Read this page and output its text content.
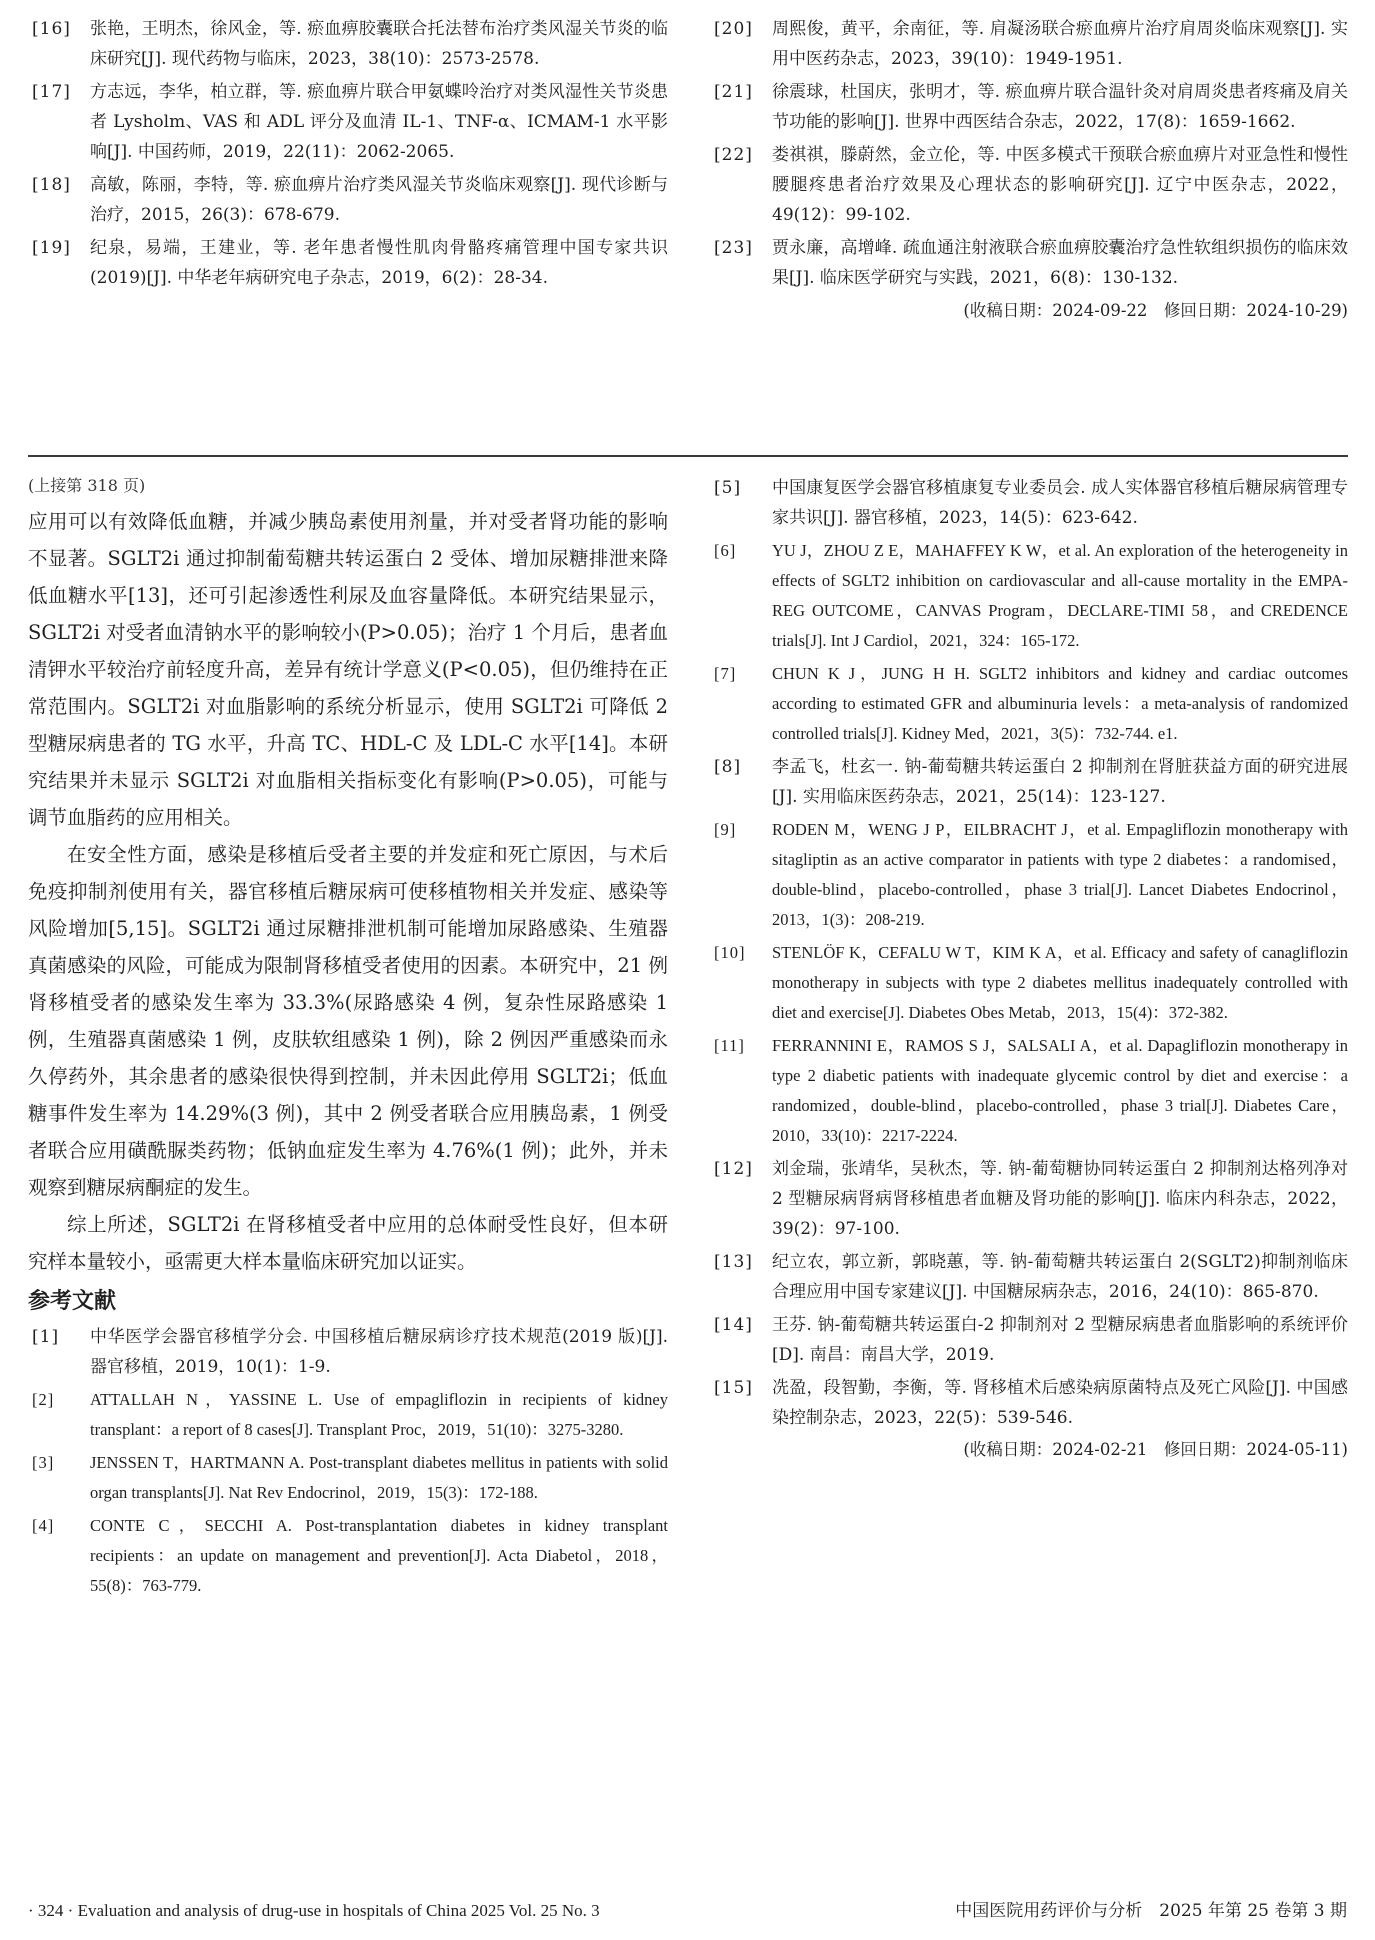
[16]	张艳，王明杰，徐风金，等. 瘀血痹胶囊联合托法替布治疗类风湿关节炎的临床研究[J]. 现代药物与临床，2023，38(10)：2573-2578.
[17]	方志远，李华，柏立群，等. 瘀血痹片联合甲氨蝶呤治疗对类风湿性关节炎患者 Lysholm、VAS 和 ADL 评分及血清 IL-1、TNF-α、ICMAM-1 水平影响[J]. 中国药师，2019，22(11)：2062-2065.
[18]	高敏，陈丽，李特，等. 瘀血痹片治疗类风湿关节炎临床观察[J]. 现代诊断与治疗，2015，26(3)：678-679.
[19]	纪泉，易端，王建业，等. 老年患者慢性肌肉骨骼疼痛管理中国专家共识(2019)[J]. 中华老年病研究电子杂志，2019，6(2)：28-34.
[20]	周熙俊，黄平，余南征，等. 肩凝汤联合瘀血痹片治疗肩周炎临床观察[J]. 实用中医药杂志，2023，39(10)：1949-1951.
[21]	徐震球，杜国庆，张明才，等. 瘀血痹片联合温针灸对肩周炎患者疼痛及肩关节功能的影响[J]. 世界中西医结合杂志，2022，17(8)：1659-1662.
[22]	娄祺祺，滕蔚然，金立伦，等. 中医多模式干预联合瘀血痹片对亚急性和慢性腰腿疼患者治疗效果及心理状态的影响研究[J]. 辽宁中医杂志，2022，49(12)：99-102.
[23]	贾永廉，高增峰. 疏血通注射液联合瘀血痹胶囊治疗急性软组织损伤的临床效果[J]. 临床医学研究与实践，2021，6(8)：130-132.
(收稿日期：2024-09-22　修回日期：2024-10-29)
(上接第 318 页)

应用可以有效降低血糖，并减少胰岛素使用剂量，并对受者肾功能的影响不显著。SGLT2i 通过抑制葡萄糖共转运蛋白 2 受体、增加尿糖排泄来降低血糖水平[13]，还可引起渗透性利尿及血容量降低。本研究结果显示，SGLT2i 对受者血清钠水平的影响较小(P>0.05)；治疗 1 个月后，患者血清钾水平较治疗前轻度升高，差异有统计学意义(P<0.05)，但仍维持在正常范围内。SGLT2i 对血脂影响的系统分析显示，使用 SGLT2i 可降低 2 型糖尿病患者的 TG 水平，升高 TC、HDL-C 及 LDL-C 水平[14]。本研究结果并未显示 SGLT2i 对血脂相关指标变化有影响(P>0.05)，可能与调节血脂药的应用相关。

在安全性方面，感染是移植后受者主要的并发症和死亡原因，与术后免疫抑制剂使用有关，器官移植后糖尿病可使移植物相关并发症、感染等风险增加[5,15]。SGLT2i 通过尿糖排泄机制可能增加尿路感染、生殖器真菌感染的风险，可能成为限制肾移植受者使用的因素。本研究中，21 例肾移植受者的感染发生率为 33.3%(尿路感染 4 例，复杂性尿路感染 1 例，生殖器真菌感染 1 例，皮肤软组感染 1 例)，除 2 例因严重感染而永久停药外，其余患者的感染很快得到控制，并未因此停用 SGLT2i；低血糖事件发生率为 14.29%(3 例)，其中 2 例受者联合应用胰岛素，1 例受者联合应用磺酰脲类药物；低钠血症发生率为 4.76%(1 例)；此外，并未观察到糖尿病酮症的发生。

综上所述，SGLT2i 在肾移植受者中应用的总体耐受性良好，但本研究样本量较小，亟需更大样本量临床研究加以证实。

参考文献
[1]	中华医学会器官移植学分会. 中国移植后糖尿病诊疗技术规范(2019 版)[J]. 器官移植，2019，10(1)：1-9.
[2]	ATTALLAH N，YASSINE L. Use of empagliflozin in recipients of kidney transplant：a report of 8 cases[J]. Transplant Proc，2019，51(10)：3275-3280.
[3]	JENSSEN T，HARTMANN A. Post-transplant diabetes mellitus in patients with solid organ transplants[J]. Nat Rev Endocrinol，2019，15(3)：172-188.
[4]	CONTE C，SECCHI A. Post-transplantation diabetes in kidney transplant recipients：an update on management and prevention[J]. Acta Diabetol，2018，55(8)：763-779.
[5]	中国康复医学会器官移植康复专业委员会. 成人实体器官移植后糖尿病管理专家共识[J]. 器官移植，2023，14(5)：623-642.
[6]	YU J，ZHOU Z E，MAHAFFEY K W，et al. An exploration of the heterogeneity in effects of SGLT2 inhibition on cardiovascular and all-cause mortality in the EMPA-REG OUTCOME，CANVAS Program，DECLARE-TIMI 58，and CREDENCE trials[J]. Int J Cardiol，2021，324：165-172.
[7]	CHUN K J，JUNG H H. SGLT2 inhibitors and kidney and cardiac outcomes according to estimated GFR and albuminuria levels：a meta-analysis of randomized controlled trials[J]. Kidney Med，2021，3(5)：732-744. e1.
[8]	李孟飞，杜玄一. 钠-葡萄糖共转运蛋白 2 抑制剂在肾脏获益方面的研究进展[J]. 实用临床医药杂志，2021，25(14)：123-127.
[9]	RODEN M，WENG J P，EILBRACHT J，et al. Empagliflozin monotherapy with sitagliptin as an active comparator in patients with type 2 diabetes：a randomised，double-blind，placebo-controlled，phase 3 trial[J]. Lancet Diabetes Endocrinol，2013，1(3)：208-219.
[10]	STENLÖF K，CEFALU W T，KIM K A，et al. Efficacy and safety of canagliflozin monotherapy in subjects with type 2 diabetes mellitus inadequately controlled with diet and exercise[J]. Diabetes Obes Metab，2013，15(4)：372-382.
[11]	FERRANNINI E，RAMOS S J，SALSALI A，et al. Dapagliflozin monotherapy in type 2 diabetic patients with inadequate glycemic control by diet and exercise：a randomized，double-blind，placebo-controlled，phase 3 trial[J]. Diabetes Care，2010，33(10)：2217-2224.
[12]	刘金瑞，张靖华，吴秋杰，等. 钠-葡萄糖协同转运蛋白 2 抑制剂达格列净对 2 型糖尿病肾病肾移植患者血糖及肾功能的影响[J]. 临床内科杂志，2022，39(2)：97-100.
[13]	纪立农，郭立新，郭晓蕙，等. 钠-葡萄糖共转运蛋白 2(SGLT2)抑制剂临床合理应用中国专家建议[J]. 中国糖尿病杂志，2016，24(10)：865-870.
[14]	王芬. 钠-葡萄糖共转运蛋白-2 抑制剂对 2 型糖尿病患者血脂影响的系统评价[D]. 南昌：南昌大学，2019.
[15]	冼盈，段智勤，李衡，等. 肾移植术后感染病原菌特点及死亡风险[J]. 中国感染控制杂志，2023，22(5)：539-546.
(收稿日期：2024-02-21　修回日期：2024-05-11)
· 324 · Evaluation and analysis of drug-use in hospitals of China 2025 Vol. 25 No. 3	中国医院用药评价与分析　2025 年第 25 卷第 3 期
